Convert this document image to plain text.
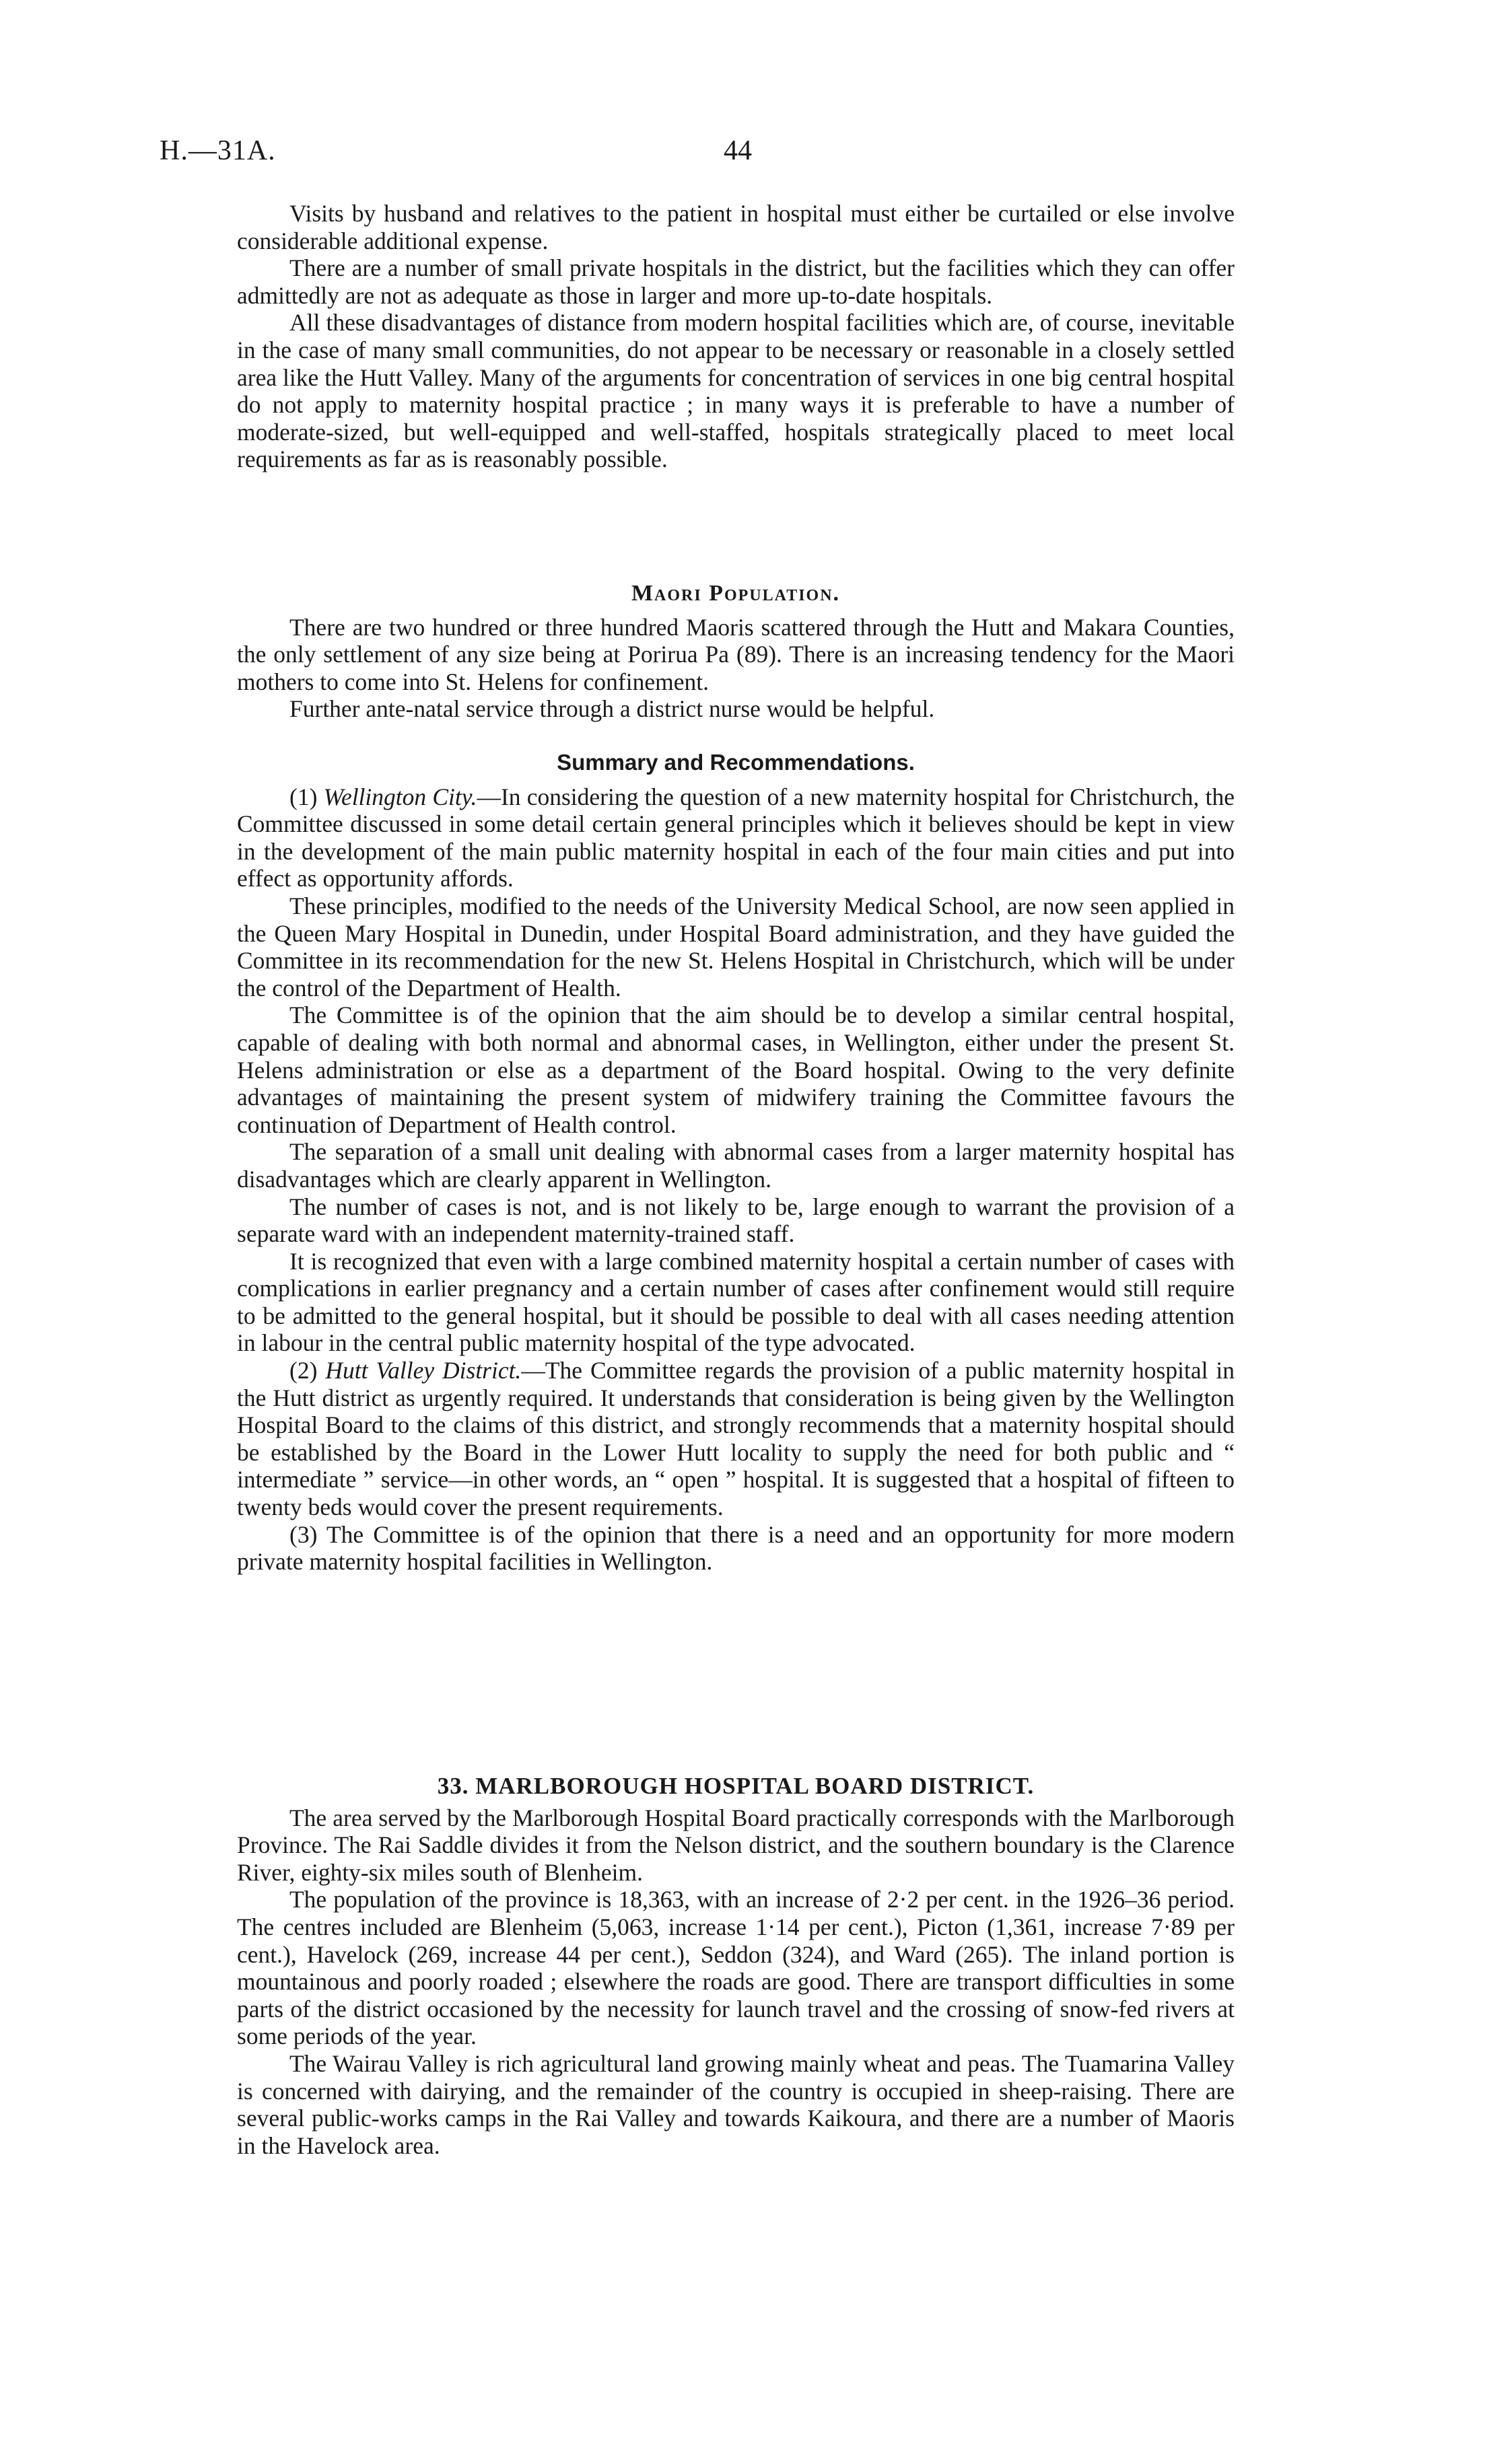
H.—31A.	44

Visits by husband and relatives to the patient in hospital must either be curtailed or else involve considerable additional expense.

There are a number of small private hospitals in the district, but the facilities which they can offer admittedly are not as adequate as those in larger and more up-to-date hospitals.

All these disadvantages of distance from modern hospital facilities which are, of course, inevitable in the case of many small communities, do not appear to be necessary or reasonable in a closely settled area like the Hutt Valley. Many of the arguments for concentration of services in one big central hospital do not apply to maternity hospital practice ; in many ways it is preferable to have a number of moderate-sized, but well-equipped and well-staffed, hospitals strategically placed to meet local requirements as far as is reasonably possible.

Maori Population.

There are two hundred or three hundred Maoris scattered through the Hutt and Makara Counties, the only settlement of any size being at Porirua Pa (89). There is an increasing tendency for the Maori mothers to come into St. Helens for confinement.

Further ante-natal service through a district nurse would be helpful.

Summary and Recommendations.

(1) Wellington City.—In considering the question of a new maternity hospital for Christchurch, the Committee discussed in some detail certain general principles which it believes should be kept in view in the development of the main public maternity hospital in each of the four main cities and put into effect as opportunity affords.

These principles, modified to the needs of the University Medical School, are now seen applied in the Queen Mary Hospital in Dunedin, under Hospital Board administration, and they have guided the Committee in its recommendation for the new St. Helens Hospital in Christchurch, which will be under the control of the Department of Health.

The Committee is of the opinion that the aim should be to develop a similar central hospital, capable of dealing with both normal and abnormal cases, in Wellington, either under the present St. Helens administration or else as a department of the Board hospital. Owing to the very definite advantages of maintaining the present system of midwifery training the Committee favours the continuation of Department of Health control.

The separation of a small unit dealing with abnormal cases from a larger maternity hospital has disadvantages which are clearly apparent in Wellington.

The number of cases is not, and is not likely to be, large enough to warrant the provision of a separate ward with an independent maternity-trained staff.

It is recognized that even with a large combined maternity hospital a certain number of cases with complications in earlier pregnancy and a certain number of cases after confinement would still require to be admitted to the general hospital, but it should be possible to deal with all cases needing attention in labour in the central public maternity hospital of the type advocated.

(2) Hutt Valley District.—The Committee regards the provision of a public maternity hospital in the Hutt district as urgently required. It understands that consideration is being given by the Wellington Hospital Board to the claims of this district, and strongly recommends that a maternity hospital should be established by the Board in the Lower Hutt locality to supply the need for both public and “ intermediate ” service—in other words, an “ open ” hospital. It is suggested that a hospital of fifteen to twenty beds would cover the present requirements.

(3) The Committee is of the opinion that there is a need and an opportunity for more modern private maternity hospital facilities in Wellington.

33. MARLBOROUGH HOSPITAL BOARD DISTRICT.

The area served by the Marlborough Hospital Board practically corresponds with the Marlborough Province. The Rai Saddle divides it from the Nelson district, and the southern boundary is the Clarence River, eighty-six miles south of Blenheim.

The population of the province is 18,363, with an increase of 2·2 per cent. in the 1926–36 period. The centres included are Blenheim (5,063, increase 1·14 per cent.), Picton (1,361, increase 7·89 per cent.), Havelock (269, increase 44 per cent.), Seddon (324), and Ward (265). The inland portion is mountainous and poorly roaded ; elsewhere the roads are good. There are transport difficulties in some parts of the district occasioned by the necessity for launch travel and the crossing of snow-fed rivers at some periods of the year.

The Wairau Valley is rich agricultural land growing mainly wheat and peas. The Tuamarina Valley is concerned with dairying, and the remainder of the country is occupied in sheep-raising. There are several public-works camps in the Rai Valley and towards Kaikoura, and there are a number of Maoris in the Havelock area.
